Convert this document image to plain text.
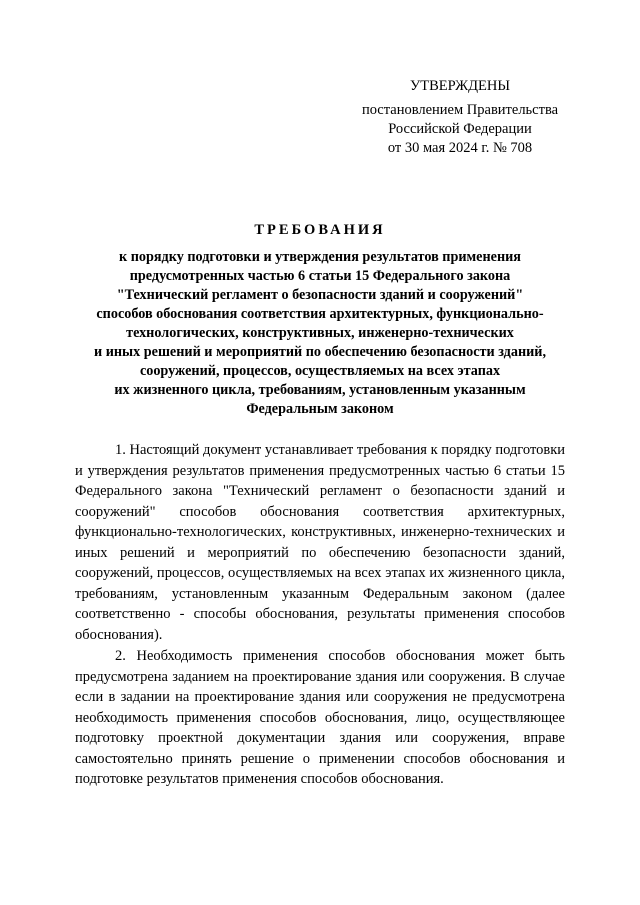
УТВЕРЖДЕНЫ
постановлением Правительства
Российской Федерации
от 30 мая 2024 г. № 708
ТРЕБОВАНИЯ
к порядку подготовки и утверждения результатов применения
предусмотренных частью 6 статьи 15 Федерального закона
"Технический регламент о безопасности зданий и сооружений"
способов обоснования соответствия архитектурных, функционально-
технологических, конструктивных, инженерно-технических
и иных решений и мероприятий по обеспечению безопасности зданий,
сооружений, процессов, осуществляемых на всех этапах
их жизненного цикла, требованиям, установленным указанным
Федеральным законом

1. Настоящий документ устанавливает требования к порядку подготовки и утверждения результатов применения предусмотренных частью 6 статьи 15 Федерального закона "Технический регламент о безопасности зданий и сооружений" способов обоснования соответствия архитектурных, функционально-технологических, конструктивных, инженерно-технических и иных решений и мероприятий по обеспечению безопасности зданий, сооружений, процессов, осуществляемых на всех этапах их жизненного цикла, требованиям, установленным указанным Федеральным законом (далее соответственно - способы обоснования, результаты применения способов обоснования).

2. Необходимость применения способов обоснования может быть предусмотрена заданием на проектирование здания или сооружения. В случае если в задании на проектирование здания или сооружения не предусмотрена необходимость применения способов обоснования, лицо, осуществляющее подготовку проектной документации здания или сооружения, вправе самостоятельно принять решение о применении способов обоснования и подготовке результатов применения способов обоснования.
